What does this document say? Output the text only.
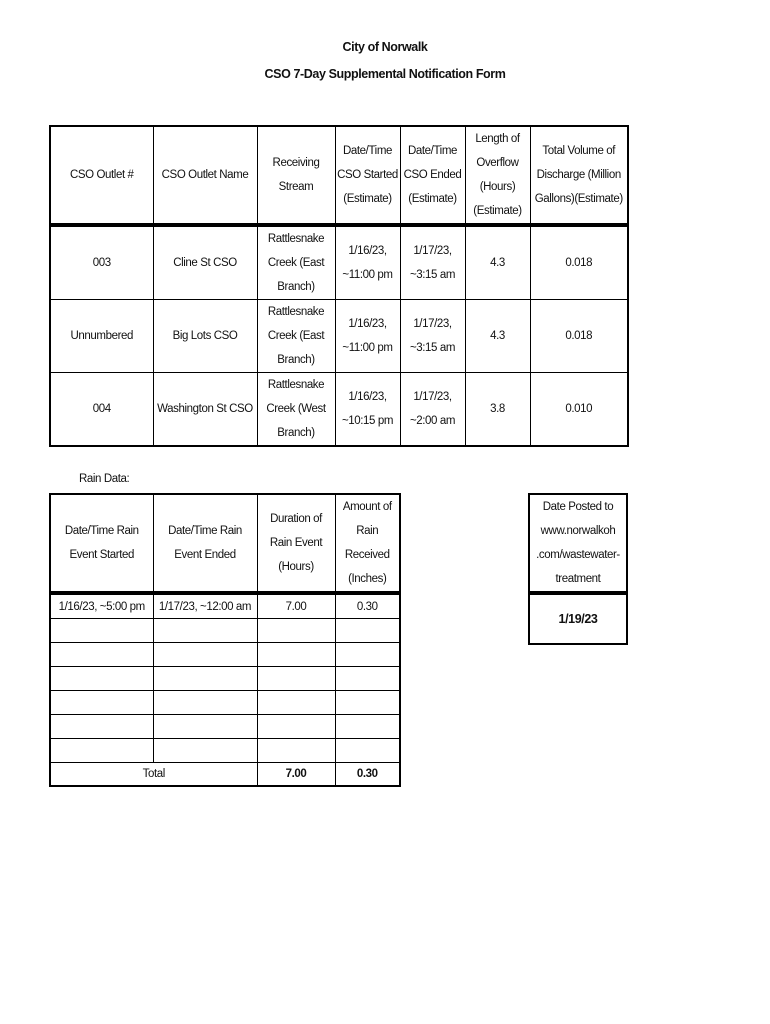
City of Norwalk
CSO 7-Day Supplemental Notification Form
CSO Outlet #	CSO Outlet Name	Receiving Stream	Date/Time CSO Started (Estimate)	Date/Time CSO Ended (Estimate)	Length of Overflow (Hours) (Estimate)	Total Volume of Discharge (Million Gallons)(Estimate)
003	Cline St CSO	Rattlesnake Creek (East Branch)	1/16/23, ~11:00 pm	1/17/23, ~3:15 am	4.3	0.018
Unnumbered	Big Lots CSO	Rattlesnake Creek (East Branch)	1/16/23, ~11:00 pm	1/17/23, ~3:15 am	4.3	0.018
004	Washington St CSO	Rattlesnake Creek (West Branch)	1/16/23, ~10:15 pm	1/17/23, ~2:00 am	3.8	0.010
Rain Data:
Date/Time Rain Event Started	Date/Time Rain Event Ended	Duration of Rain Event (Hours)	Amount of Rain Received (Inches)
1/16/23, ~5:00 pm	1/17/23, ~12:00 am	7.00	0.30

Total		7.00	0.30
Date Posted to www.norwalkoh .com/wastewater-treatment
1/19/23
